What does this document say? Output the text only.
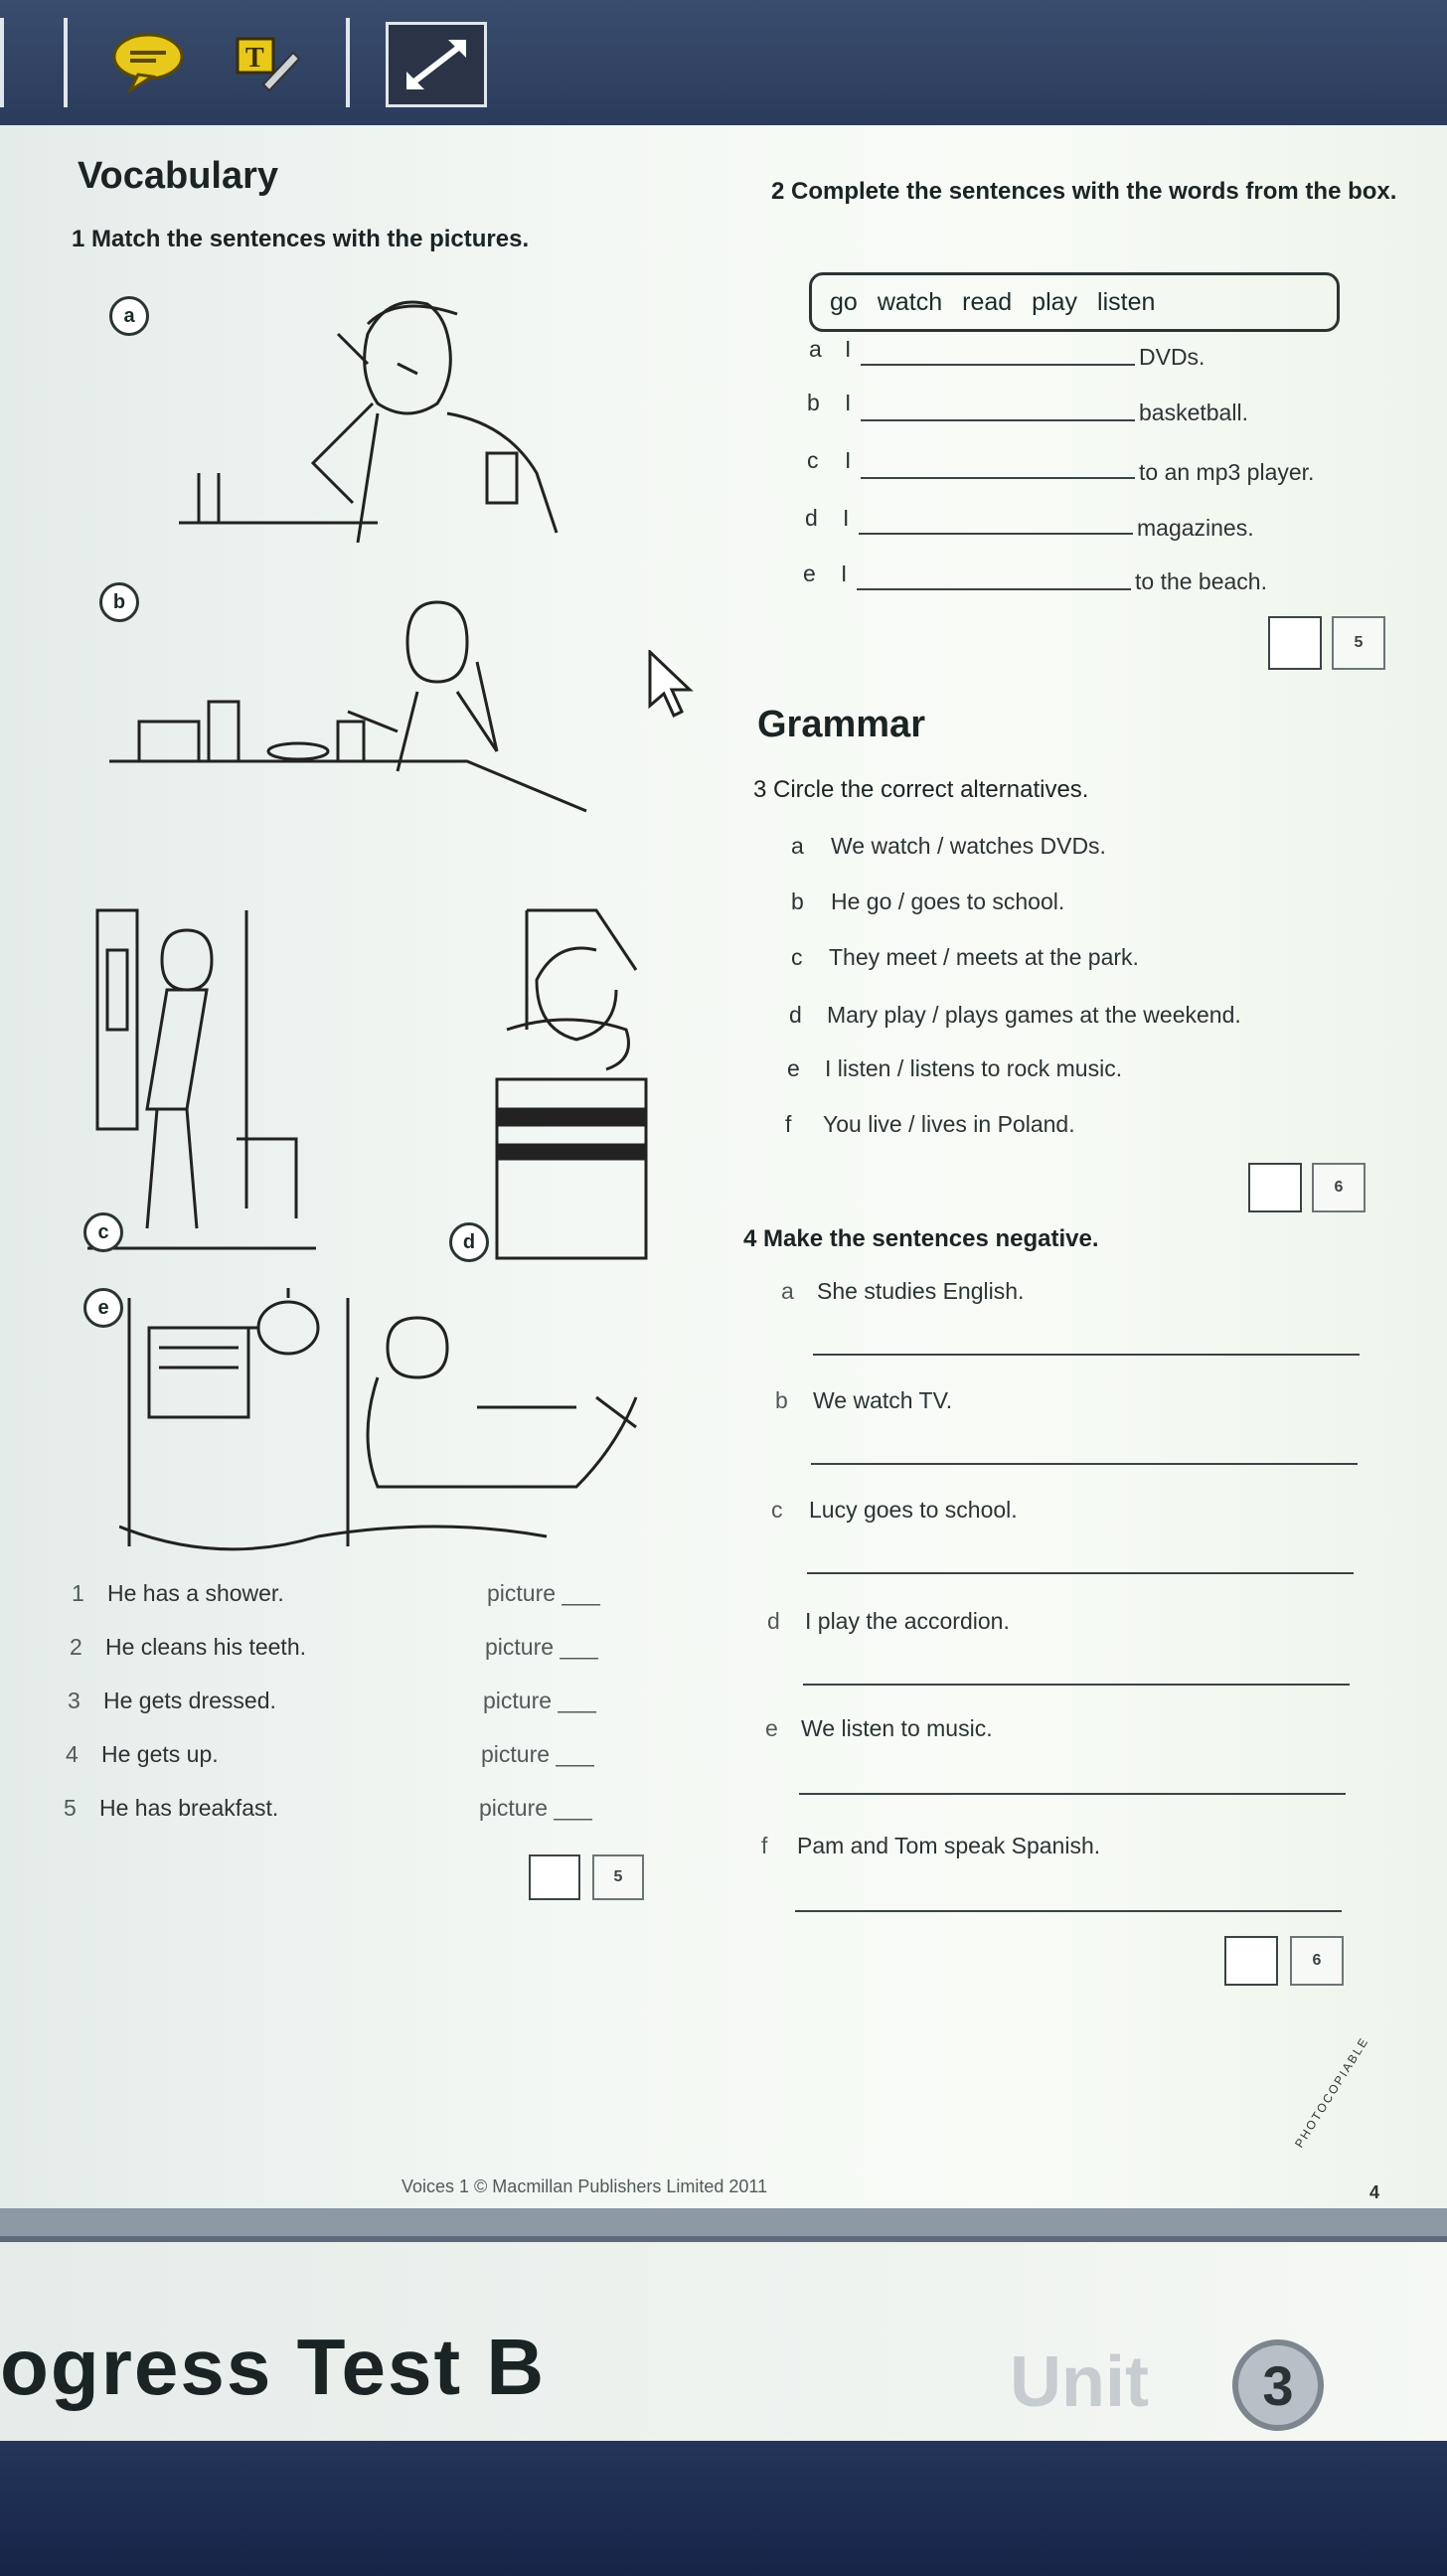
T
Vocabulary
1 Match the sentences with the pictures.
a
b
c	d
e
1 He has a shower.	picture ___
2 He cleans his teeth.	picture ___
3 He gets dressed.	picture ___
4 He gets up.	picture ___
5 He has breakfast.	picture ___
5
2 Complete the sentences with the words from the box.
go watch read play listen
a I	DVDs.
b I	basketball.
c I	to an mp3 player.
d I	magazines.
e I	to the beach.
5
Grammar
3 Circle the correct alternatives.
a We watch / watches DVDs.
b He go / goes to school.
c They meet / meets at the park.
d Mary play / plays games at the weekend.
e I listen / listens to rock music.
f You live / lives in Poland.
6
4 Make the sentences negative.
a She studies English.
b We watch TV.
c Lucy goes to school.
d I play the accordion.
e We listen to music.
f Pam and Tom speak Spanish.
6
Voices 1 © Macmillan Publishers Limited 2011
PHOTOCOPIABLE
4
ogress Test B	Unit	3
